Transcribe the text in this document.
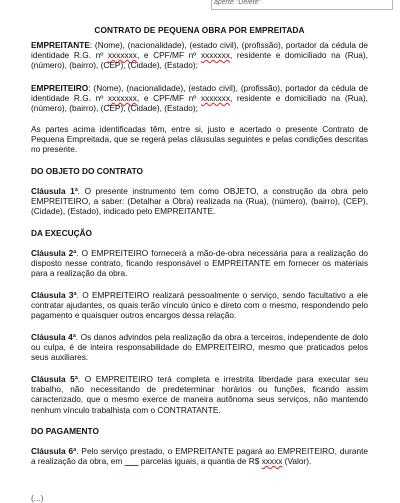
aperte "Delete"
CONTRATO DE PEQUENA OBRA POR EMPREITADA

EMPREITANTE: (Nome), (nacionalidade), (estado civil), (profissão), portador da cédula de identidade R.G. nº xxxxxxx, e CPF/MF nº xxxxxxx, residente e domiciliado na (Rua), (número), (bairro), (CEP), (Cidade), (Estado);

EMPREITEIRO: (Nome), (nacionalidade), (estado civil), (profissão), portador da cédula de identidade R.G. nº xxxxxxx, e CPF/MF nº xxxxxxx, residente e domiciliado na (Rua), (número), (bairro), (CEP), (Cidade), (Estado);

As partes acima identificadas têm, entre si, justo e acertado o presente Contrato de Pequena Empreitada, que se regerá pelas cláusulas seguintes e pelas condições descritas no presente.

DO OBJETO DO CONTRATO

Cláusula 1ª. O presente instrumento tem como OBJETO, a construção da obra pelo EMPREITEIRO, a saber: (Detalhar a Obra) realizada na (Rua), (número), (bairro), (CEP), (Cidade), (Estado), indicado pelo EMPREITANTE.

DA EXECUÇÃO

Cláusula 2ª. O EMPREITEIRO fornecerá a mão-de-obra necessária para a realização do disposto nesse contrato, ficando responsável o EMPREITANTE em fornecer os materiais para a realização da obra.

Cláusula 3ª. O EMPREITEIRO realizará pessoalmente o serviço, sendo facultativo a ele contratar ajudantes, os quais terão vínculo único e direto com o mesmo, respondendo pelo pagamento e quaisquer outros encargos dessa relação.

Cláusula 4ª. Os danos advindos pela realização da obra a terceiros, independente de dolo ou culpa, é de inteira responsabilidade do EMPREITEIRO, mesmo que praticados pelos seus auxiliares.

Cláusula 5ª. O EMPREITEIRO terá completa e irrestrita liberdade para executar seu trabalho, não necessitando de predeterminar horários ou funções, ficando assim caracterizado, que o mesmo exerce de maneira autônoma seus serviços, não mantendo nenhum vínculo trabalhista com o CONTRATANTE.

DO PAGAMENTO

Cláusula 6ª. Pelo serviço prestado, o EMPREITANTE pagará ao EMPREITEIRO, durante a realização da obra, em ___ parcelas iguais, a quantia de R$ xxxxx (Valor).

(...)
